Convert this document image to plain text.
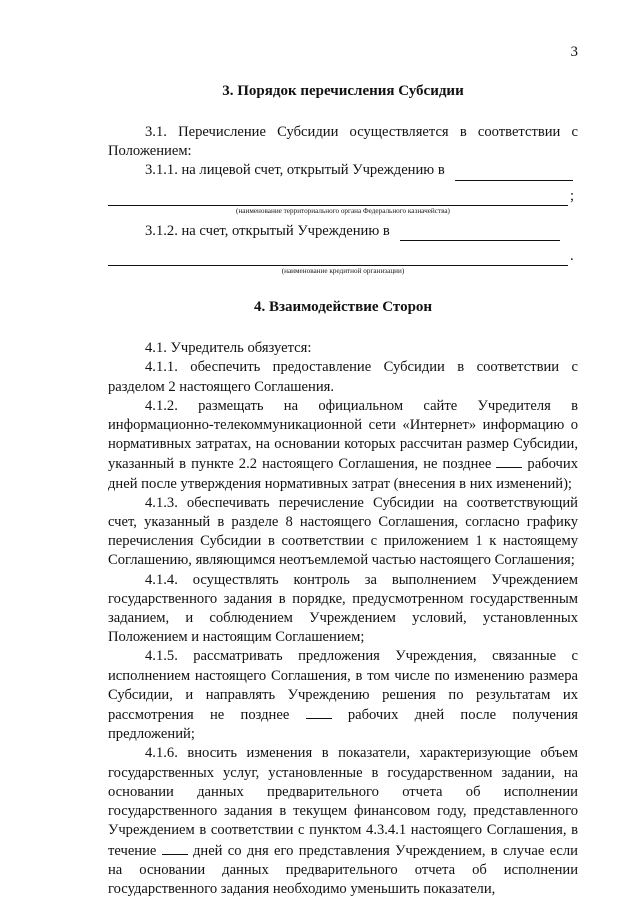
3
3. Порядок перечисления Субсидии

3.1. Перечисление Субсидии осуществляется в соответствии с Положением:

3.1.1. на лицевой счет, открытый Учреждению в
;
(наименование территориального органа Федерального казначейства)
3.1.2. на счет, открытый Учреждению в
.
(наименование кредитной организации)
4. Взаимодействие Сторон

4.1. Учредитель обязуется:

4.1.1. обеспечить предоставление Субсидии в соответствии с разделом 2 настоящего Соглашения.

4.1.2. размещать на официальном сайте Учредителя в информационно-телекоммуникационной сети «Интернет» информацию о нормативных затратах, на основании которых рассчитан размер Субсидии, указанный в пункте 2.2 настоящего Соглашения, не позднее рабочих дней после утверждения нормативных затрат (внесения в них изменений);

4.1.3. обеспечивать перечисление Субсидии на соответствующий счет, указанный в разделе 8 настоящего Соглашения, согласно графику перечисления Субсидии в соответствии с приложением 1 к настоящему Соглашению, являющимся неотъемлемой частью настоящего Соглашения;

4.1.4. осуществлять контроль за выполнением Учреждением государственного задания в порядке, предусмотренном государственным заданием, и соблюдением Учреждением условий, установленных Положением и настоящим Соглашением;

4.1.5. рассматривать предложения Учреждения, связанные с исполнением настоящего Соглашения, в том числе по изменению размера Субсидии, и направлять Учреждению решения по результатам их рассмотрения не позднее	рабочих дней после получения предложений;

4.1.6. вносить изменения в показатели, характеризующие объем государственных услуг, установленные в государственном задании, на основании данных предварительного отчета об исполнении государственного задания в текущем финансовом году, представленного Учреждением в соответствии с пунктом 4.3.4.1 настоящего Соглашения, в течение	дней со дня его представления Учреждением, в случае если на основании данных предварительного отчета об исполнении государственного задания необходимо уменьшить показатели,
